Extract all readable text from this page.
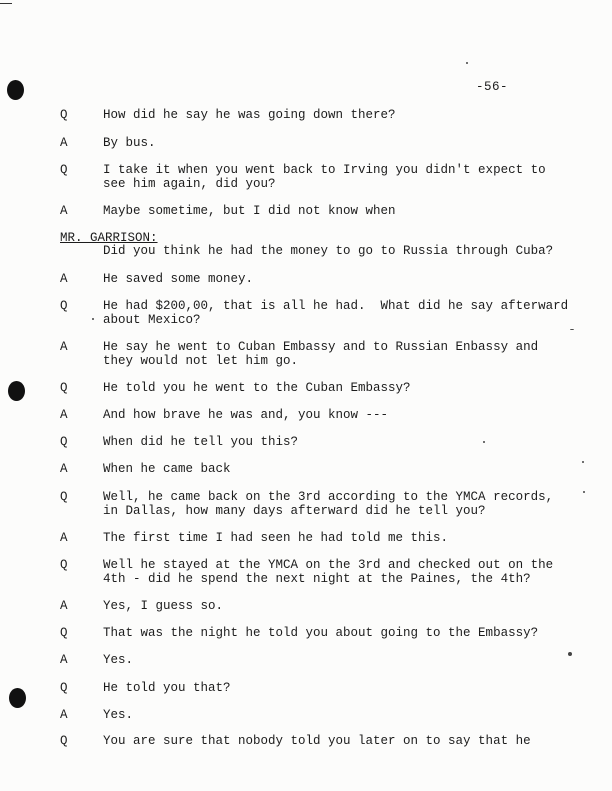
-56-
Q	How did he say he was going down there?
A	By bus.
Q	I take it when you went back to Irving you didn't expect to
see him again, did you?
A	Maybe sometime, but I did not know when
MR. GARRISON:
Did you think he had the money to go to Russia through Cuba?
A	He saved some money.
Q	He had $200,00, that is all he had.  What did he say afterward
about Mexico?
A	He say he went to Cuban Embassy and to Russian Enbassy and
they would not let him go.
Q	He told you he went to the Cuban Embassy?
A	And how brave he was and, you know ---
Q	When did he tell you this?
A	When he came back
Q	Well, he came back on the 3rd according to the YMCA records,
in Dallas, how many days afterward did he tell you?
A	The first time I had seen he had told me this.
Q	Well he stayed at the YMCA on the 3rd and checked out on the
4th - did he spend the next night at the Paines, the 4th?
A	Yes, I guess so.
Q	That was the night he told you about going to the Embassy?
A	Yes.
Q	He told you that?
A	Yes.
Q	You are sure that nobody told you later on to say that he
